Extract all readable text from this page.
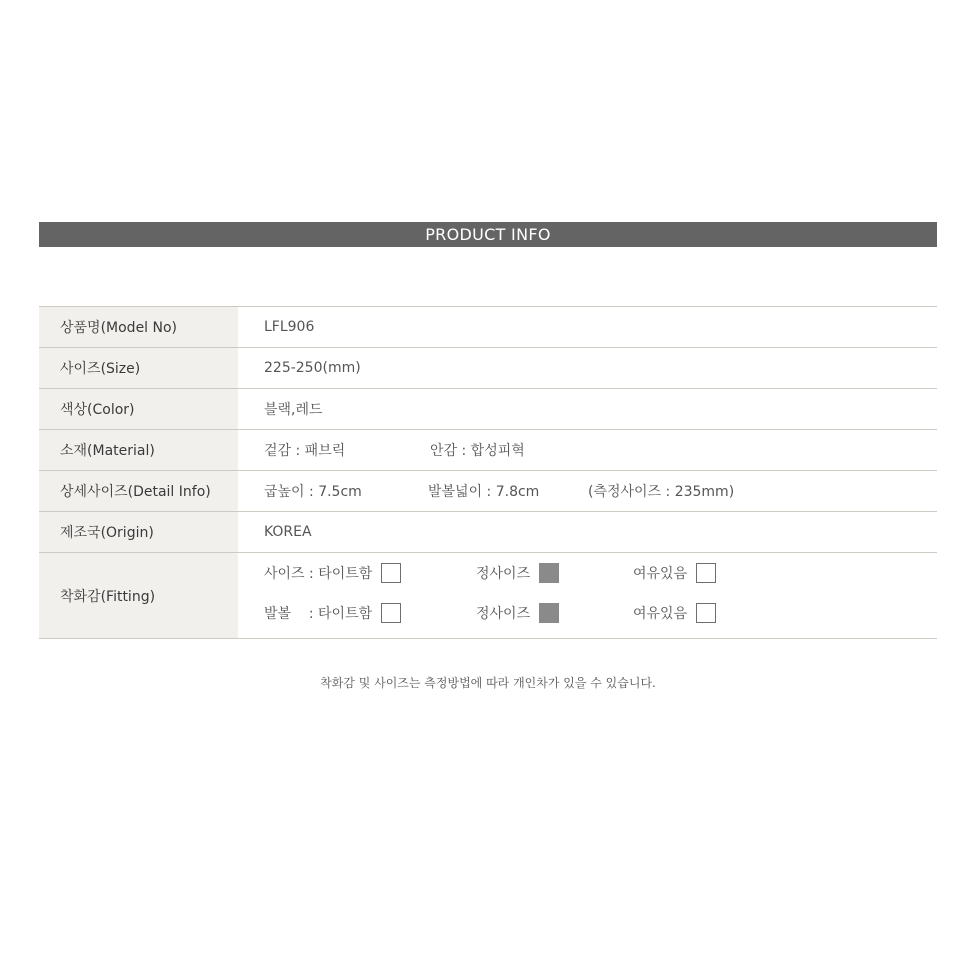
PRODUCT INFO
상품명(Model No)	LFL906
사이즈(Size)	225-250(mm)
색상(Color)	블랙,레드
소재(Material)	겉감 : 패브릭	안감 : 합성피혁
상세사이즈(Detail Info)	굽높이 : 7.5cm	발볼넓이 : 7.8cm	(측정사이즈 : 235mm)
제조국(Origin)	KOREA
착화감(Fitting)
사이즈 : 타이트함	정사이즈	여유있음
발볼    : 타이트함	정사이즈	여유있음
착화감 및 사이즈는 측정방법에 따라 개인차가 있을 수 있습니다.
